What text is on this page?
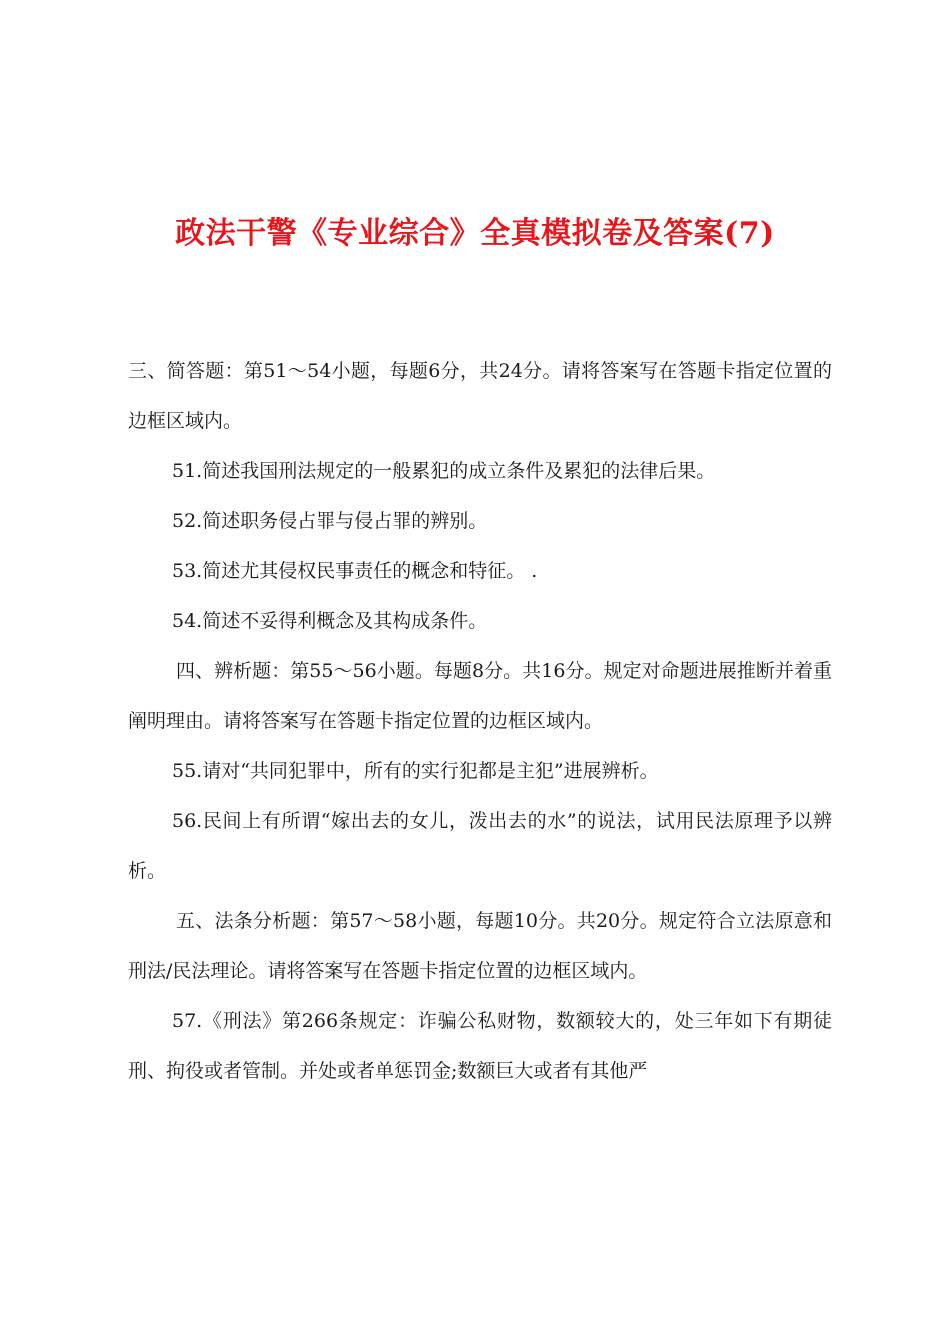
政法干警《专业综合》全真模拟卷及答案(7)

三、简答题：第51～54小题，每题6分，共24分。请将答案写在答题卡指定位置的边框区域内。

51.简述我国刑法规定的一般累犯的成立条件及累犯的法律后果。

52.简述职务侵占罪与侵占罪的辨别。

53.简述尤其侵权民事责任的概念和特征。 .

54.简述不妥得利概念及其构成条件。

四、辨析题：第55～56小题。每题8分。共16分。规定对命题进展推断并着重阐明理由。请将答案写在答题卡指定位置的边框区域内。

55.请对“共同犯罪中，所有的实行犯都是主犯”进展辨析。

56.民间上有所谓“嫁出去的女儿，泼出去的水”的说法，试用民法原理予以辨析。

五、法条分析题：第57～58小题，每题10分。共20分。规定符合立法原意和刑法/民法理论。请将答案写在答题卡指定位置的边框区域内。

57.《刑法》第266条规定：诈骗公私财物，数额较大的，处三年如下有期徒刑、拘役或者管制。并处或者单惩罚金;数额巨大或者有其他严
